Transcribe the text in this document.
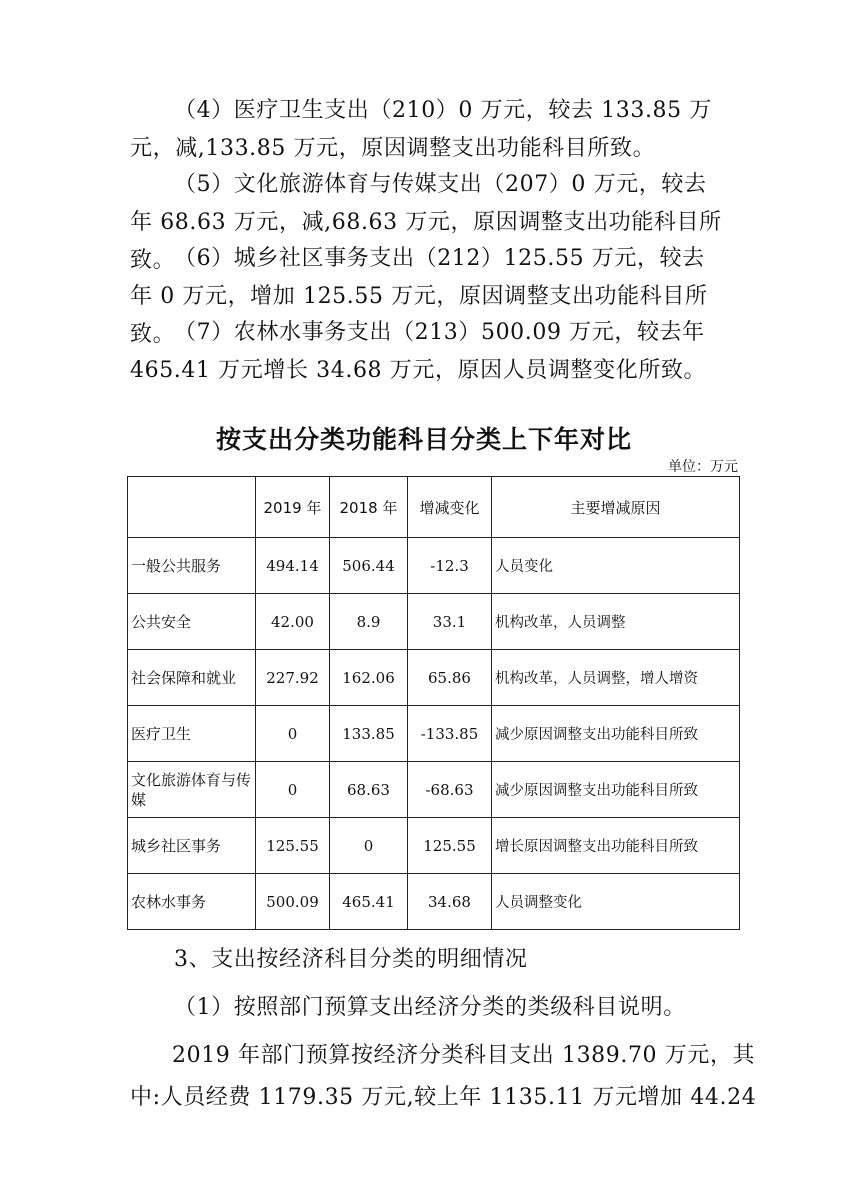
（4）医疗卫生支出（210）0 万元，较去 133.85 万元，减,133.85 万元，原因调整支出功能科目所致。

（5）文化旅游体育与传媒支出（207）0 万元，较去年 68.63 万元，减,68.63 万元，原因调整支出功能科目所致。

（6）城乡社区事务支出（212）125.55 万元，较去年 0 万元，增加 125.55 万元，原因调整支出功能科目所致。

（7）农林水事务支出（213）500.09 万元，较去年 465.41 万元增长 34.68 万元，原因人员调整变化所致。

按支出分类功能科目分类上下年对比

单位：万元

	2019 年	2018 年	增减变化	主要增减原因
一般公共服务	494.14	506.44	-12.3	人员变化
公共安全	42.00	8.9	33.1	机构改革，人员调整
社会保障和就业	227.92	162.06	65.86	机构改革，人员调整，增人增资
医疗卫生	0	133.85	-133.85	减少原因调整支出功能科目所致
文化旅游体育与传媒	0	68.63	-68.63	减少原因调整支出功能科目所致
城乡社区事务	125.55	0	125.55	增长原因调整支出功能科目所致
农林水事务	500.09	465.41	34.68	人员调整变化

3、支出按经济科目分类的明细情况

（1）按照部门预算支出经济分类的类级科目说明。

2019 年部门预算按经济分类科目支出 1389.70 万元，其

中:人员经费 1179.35 万元,较上年 1135.11 万元增加 44.24
